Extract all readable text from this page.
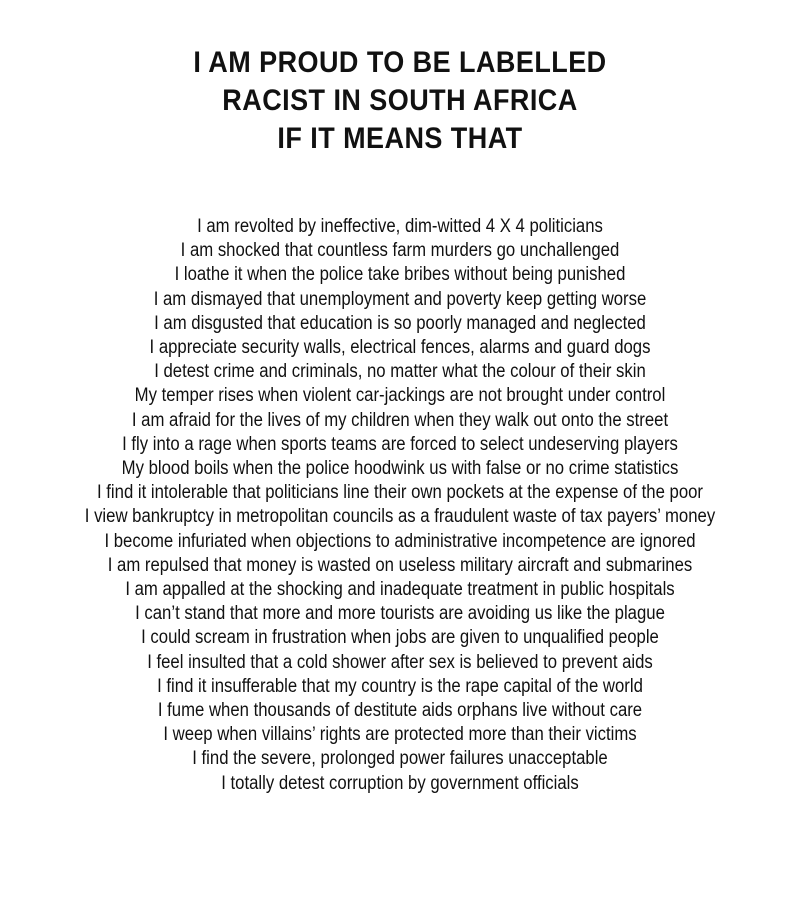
I AM PROUD TO BE LABELLED
RACIST IN SOUTH AFRICA
IF IT MEANS THAT
I am revolted by ineffective, dim-witted 4 X 4 politicians
I am shocked that countless farm murders go unchallenged
I loathe it when the police take bribes without being punished
I am dismayed that unemployment and poverty keep getting worse
I am disgusted that education is so poorly managed and neglected
I appreciate security walls, electrical fences, alarms and guard dogs
I detest crime and criminals, no matter what the colour of their skin
My temper rises when violent car-jackings are not brought under control
I am afraid for the lives of my children when they walk out onto the street
I fly into a rage when sports teams are forced to select undeserving players
My blood boils when the police hoodwink us with false or no crime statistics
I find it intolerable that politicians line their own pockets at the expense of the poor
I view bankruptcy in metropolitan councils as a fraudulent waste of tax payers’ money
I become infuriated when objections to administrative incompetence are ignored
I am repulsed that money is wasted on useless military aircraft and submarines
I am appalled at the shocking and inadequate treatment in public hospitals
I can’t stand that more and more tourists are avoiding us like the plague
I could scream in frustration when jobs are given to unqualified people
I feel insulted that a cold shower after sex is believed to prevent aids
I find it insufferable that my country is the rape capital of the world
I fume when thousands of destitute aids orphans live without care
I weep when villains’ rights are protected more than their victims
I find the severe, prolonged power failures unacceptable
I totally detest corruption by government officials
